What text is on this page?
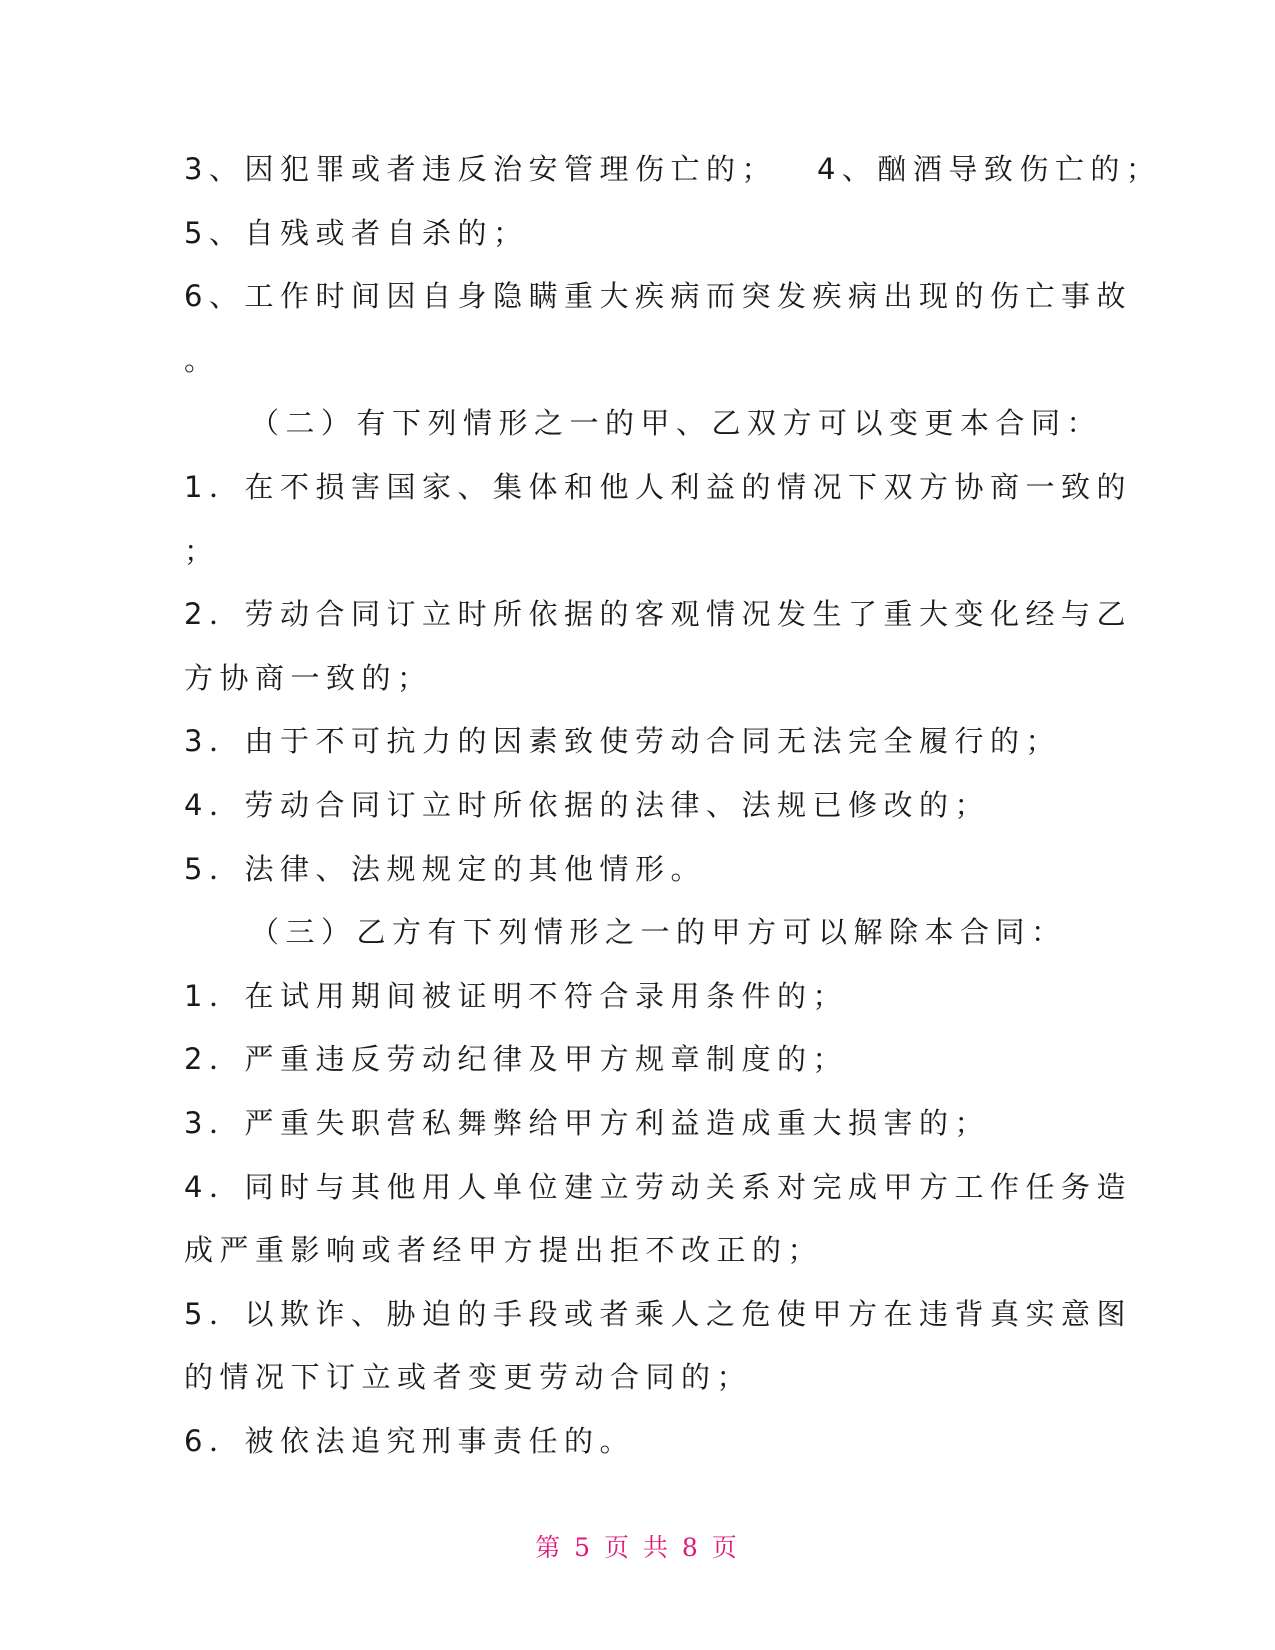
3、因犯罪或者违反治安管理伤亡的； 4、酗酒导致伤亡的；
5、自残或者自杀的；
6、工作时间因自身隐瞒重大疾病而突发疾病出现的伤亡事故
。
（二）有下列情形之一的甲、乙双方可以变更本合同：
1．在不损害国家、集体和他人利益的情况下双方协商一致的
；
2．劳动合同订立时所依据的客观情况发生了重大变化经与乙
方协商一致的；
3．由于不可抗力的因素致使劳动合同无法完全履行的；
4．劳动合同订立时所依据的法律、法规已修改的；
5．法律、法规规定的其他情形。
（三）乙方有下列情形之一的甲方可以解除本合同：
1．在试用期间被证明不符合录用条件的；
2．严重违反劳动纪律及甲方规章制度的；
3．严重失职营私舞弊给甲方利益造成重大损害的；
4．同时与其他用人单位建立劳动关系对完成甲方工作任务造
成严重影响或者经甲方提出拒不改正的；
5．以欺诈、胁迫的手段或者乘人之危使甲方在违背真实意图
的情况下订立或者变更劳动合同的；
6．被依法追究刑事责任的。
第 5 页 共 8 页
